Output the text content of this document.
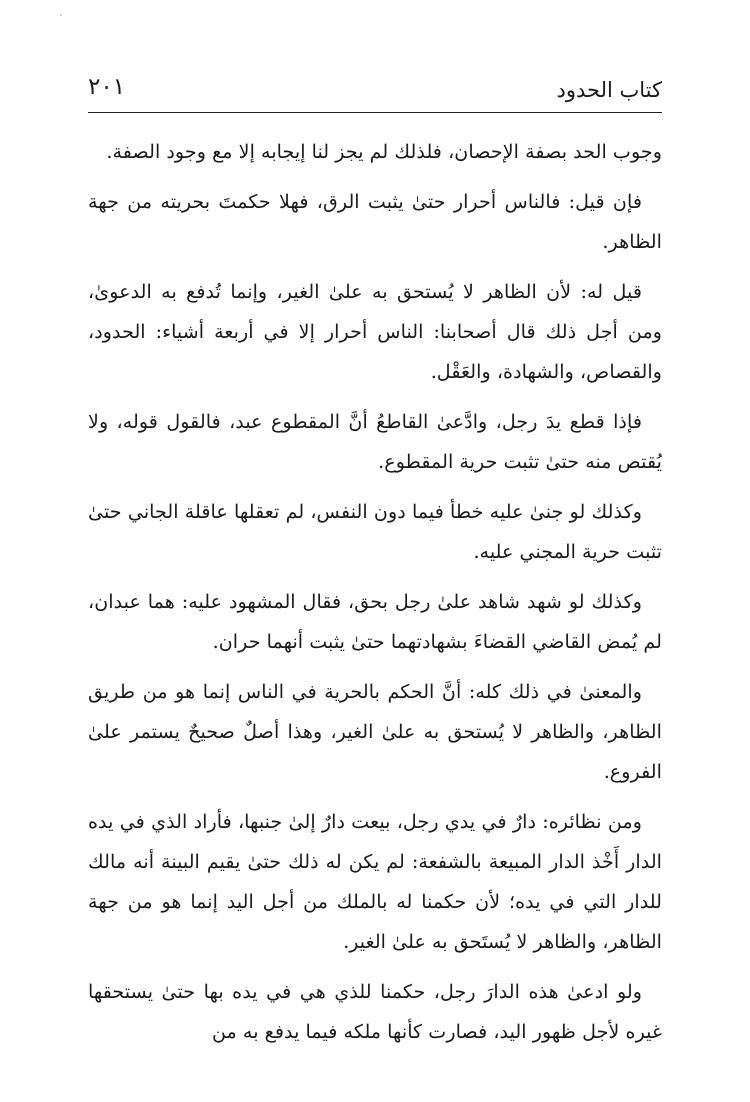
كتاب الحدود
٢٠١

وجوب الحد بصفة الإحصان، فلذلك لم يجز لنا إيجابه إلا مع وجود الصفة.

فإن قيل: فالناس أحرار حتىٰ يثبت الرق، فهلا حكمتَ بحريته من جهة الظاهر.

قيل له: لأن الظاهر لا يُستحق به علىٰ الغير، وإنما تُدفع به الدعوىٰ، ومن أجل ذلك قال أصحابنا: الناس أحرار إلا في أربعة أشياء: الحدود، والقصاص، والشهادة، والعَقْل.

فإذا قطع يدَ رجل، وادَّعىٰ القاطعُ أنَّ المقطوع عبد، فالقول قوله، ولا يُقتص منه حتىٰ تثبت حرية المقطوع.

وكذلك لو جنىٰ عليه خطأ فيما دون النفس، لم تعقلها عاقلة الجاني حتىٰ تثبت حرية المجني عليه.

وكذلك لو شهد شاهد علىٰ رجل بحق، فقال المشهود عليه: هما عبدان، لم يُمض القاضي القضاءَ بشهادتهما حتىٰ يثبت أنهما حران.

والمعنىٰ في ذلك كله: أنَّ الحكم بالحرية في الناس إنما هو من طريق الظاهر، والظاهر لا يُستحق به علىٰ الغير، وهذا أصلٌ صحيحٌ يستمر علىٰ الفروع.

ومن نظائره: دارٌ في يدي رجل، بيعت دارٌ إلىٰ جنبها، فأراد الذي في يده الدار أَخْذ الدار المبيعة بالشفعة: لم يكن له ذلك حتىٰ يقيم البينة أنه مالك للدار التي في يده؛ لأن حكمنا له بالملك من أجل اليد إنما هو من جهة الظاهر، والظاهر لا يُستَحق به علىٰ الغير.

ولو ادعىٰ هذه الدارَ رجل، حكمنا للذي هي في يده بها حتىٰ يستحقها غيره لأجل ظهور اليد، فصارت كأنها ملكه فيما يدفع به من
